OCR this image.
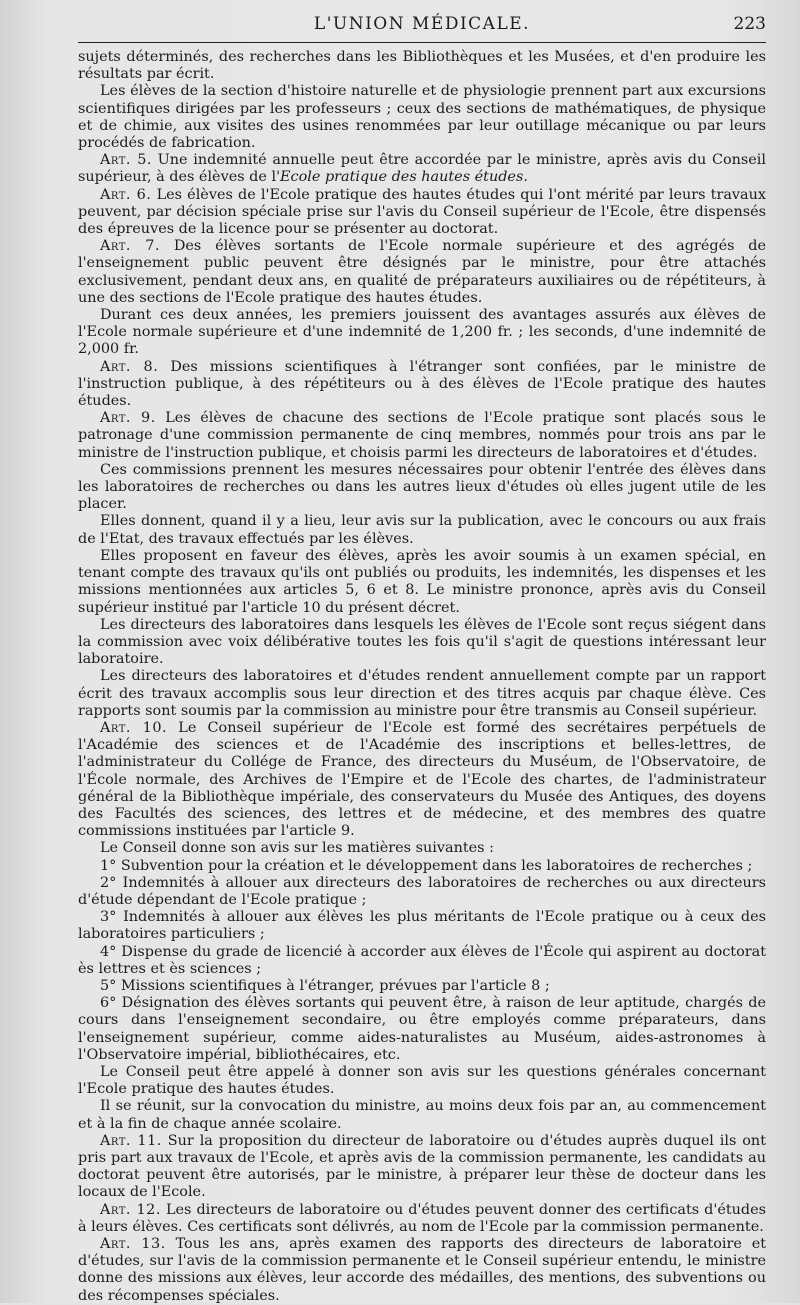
L'UNION MÉDICALE.	223

sujets déterminés, des recherches dans les Bibliothèques et les Musées, et d'en produire les résultats par écrit.

Les élèves de la section d'histoire naturelle et de physiologie prennent part aux excursions scientifiques dirigées par les professeurs ; ceux des sections de mathématiques, de physique et de chimie, aux visites des usines renommées par leur outillage mécanique ou par leurs procédés de fabrication.

Art. 5. Une indemnité annuelle peut être accordée par le ministre, après avis du Conseil supérieur, à des élèves de l'Ecole pratique des hautes études.

Art. 6. Les élèves de l'Ecole pratique des hautes études qui l'ont mérité par leurs travaux peuvent, par décision spéciale prise sur l'avis du Conseil supérieur de l'Ecole, être dispensés des épreuves de la licence pour se présenter au doctorat.

Art. 7. Des élèves sortants de l'Ecole normale supérieure et des agrégés de l'enseignement public peuvent être désignés par le ministre, pour être attachés exclusivement, pendant deux ans, en qualité de préparateurs auxiliaires ou de répétiteurs, à une des sections de l'Ecole pratique des hautes études.

Durant ces deux années, les premiers jouissent des avantages assurés aux élèves de l'Ecole normale supérieure et d'une indemnité de 1,200 fr. ; les seconds, d'une indemnité de 2,000 fr.

Art. 8. Des missions scientifiques à l'étranger sont confiées, par le ministre de l'instruction publique, à des répétiteurs ou à des élèves de l'Ecole pratique des hautes études.

Art. 9. Les élèves de chacune des sections de l'Ecole pratique sont placés sous le patronage d'une commission permanente de cinq membres, nommés pour trois ans par le ministre de l'instruction publique, et choisis parmi les directeurs de laboratoires et d'études.

Ces commissions prennent les mesures nécessaires pour obtenir l'entrée des élèves dans les laboratoires de recherches ou dans les autres lieux d'études où elles jugent utile de les placer.

Elles donnent, quand il y a lieu, leur avis sur la publication, avec le concours ou aux frais de l'Etat, des travaux effectués par les élèves.

Elles proposent en faveur des élèves, après les avoir soumis à un examen spécial, en tenant compte des travaux qu'ils ont publiés ou produits, les indemnités, les dispenses et les missions mentionnées aux articles 5, 6 et 8. Le ministre prononce, après avis du Conseil supérieur institué par l'article 10 du présent décret.

Les directeurs des laboratoires dans lesquels les élèves de l'Ecole sont reçus siégent dans la commission avec voix délibérative toutes les fois qu'il s'agit de questions intéressant leur laboratoire.

Les directeurs des laboratoires et d'études rendent annuellement compte par un rapport écrit des travaux accomplis sous leur direction et des titres acquis par chaque élève. Ces rapports sont soumis par la commission au ministre pour être transmis au Conseil supérieur.

Art. 10. Le Conseil supérieur de l'Ecole est formé des secrétaires perpétuels de l'Académie des sciences et de l'Académie des inscriptions et belles-lettres, de l'administrateur du Collége de France, des directeurs du Muséum, de l'Observatoire, de l'École normale, des Archives de l'Empire et de l'Ecole des chartes, de l'administrateur général de la Bibliothèque impériale, des conservateurs du Musée des Antiques, des doyens des Facultés des sciences, des lettres et de médecine, et des membres des quatre commissions instituées par l'article 9.

Le Conseil donne son avis sur les matières suivantes :

1° Subvention pour la création et le développement dans les laboratoires de recherches ;

2° Indemnités à allouer aux directeurs des laboratoires de recherches ou aux directeurs d'étude dépendant de l'Ecole pratique ;

3° Indemnités à allouer aux élèves les plus méritants de l'Ecole pratique ou à ceux des laboratoires particuliers ;

4° Dispense du grade de licencié à accorder aux élèves de l'École qui aspirent au doctorat ès lettres et ès sciences ;

5° Missions scientifiques à l'étranger, prévues par l'article 8 ;

6° Désignation des élèves sortants qui peuvent être, à raison de leur aptitude, chargés de cours dans l'enseignement secondaire, ou être employés comme préparateurs, dans l'enseignement supérieur, comme aides-naturalistes au Muséum, aides-astronomes à l'Observatoire impérial, bibliothécaires, etc.

Le Conseil peut être appelé à donner son avis sur les questions générales concernant l'Ecole pratique des hautes études.

Il se réunit, sur la convocation du ministre, au moins deux fois par an, au commencement et à la fin de chaque année scolaire.

Art. 11. Sur la proposition du directeur de laboratoire ou d'études auprès duquel ils ont pris part aux travaux de l'Ecole, et après avis de la commission permanente, les candidats au doctorat peuvent être autorisés, par le ministre, à préparer leur thèse de docteur dans les locaux de l'Ecole.

Art. 12. Les directeurs de laboratoire ou d'études peuvent donner des certificats d'études à leurs élèves. Ces certificats sont délivrés, au nom de l'Ecole par la commission permanente.

Art. 13. Tous les ans, après examen des rapports des directeurs de laboratoire et d'études, sur l'avis de la commission permanente et le Conseil supérieur entendu, le ministre donne des missions aux élèves, leur accorde des médailles, des mentions, des subventions ou des récompenses spéciales.
